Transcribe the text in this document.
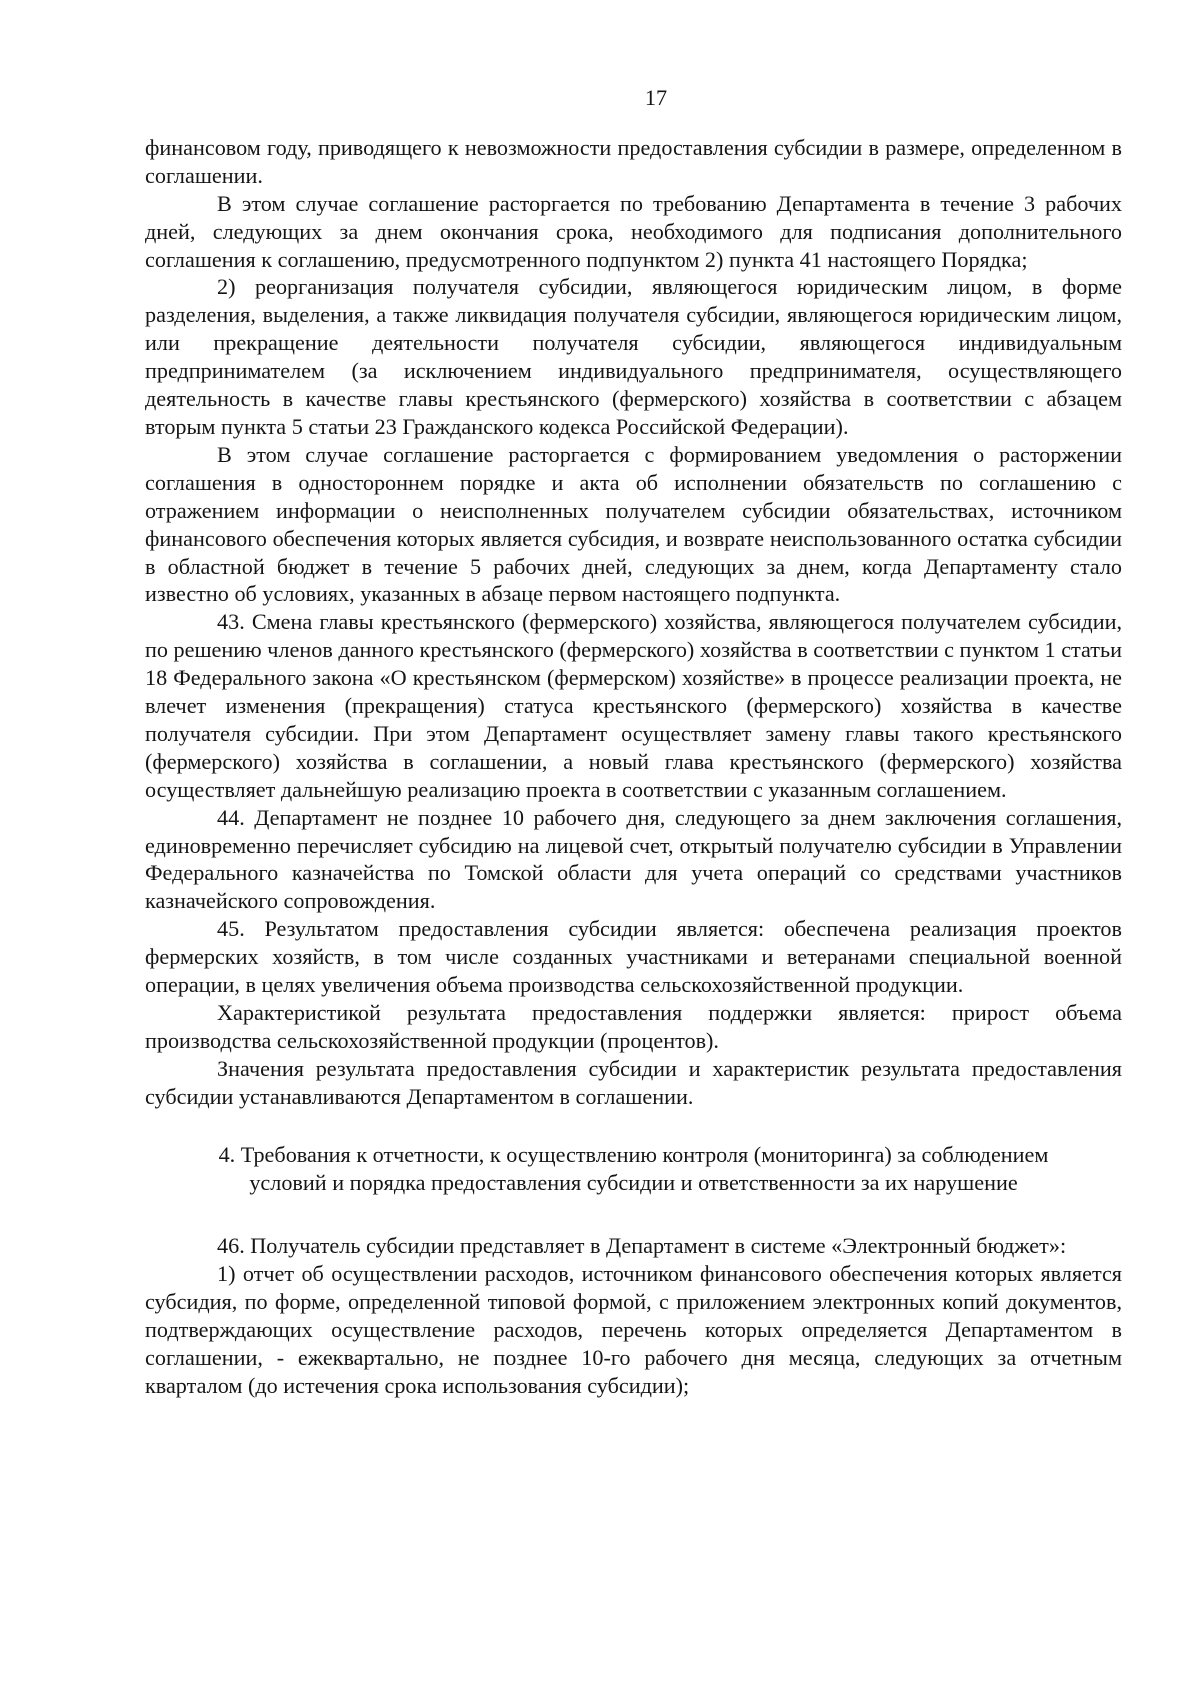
17

финансовом году, приводящего к невозможности предоставления субсидии в размере, определенном в соглашении.

В этом случае соглашение расторгается по требованию Департамента в течение 3 рабочих дней, следующих за днем окончания срока, необходимого для подписания дополнительного соглашения к соглашению, предусмотренного подпунктом 2) пункта 41 настоящего Порядка;

2) реорганизация получателя субсидии, являющегося юридическим лицом, в форме разделения, выделения, а также ликвидация получателя субсидии, являющегося юридическим лицом, или прекращение деятельности получателя субсидии, являющегося индивидуальным предпринимателем (за исключением индивидуального предпринимателя, осуществляющего деятельность в качестве главы крестьянского (фермерского) хозяйства в соответствии с абзацем вторым пункта 5 статьи 23 Гражданского кодекса Российской Федерации).

В этом случае соглашение расторгается с формированием уведомления о расторжении соглашения в одностороннем порядке и акта об исполнении обязательств по соглашению с отражением информации о неисполненных получателем субсидии обязательствах, источником финансового обеспечения которых является субсидия, и возврате неиспользованного остатка субсидии в областной бюджет в течение 5 рабочих дней, следующих за днем, когда Департаменту стало известно об условиях, указанных в абзаце первом настоящего подпункта.

43. Смена главы крестьянского (фермерского) хозяйства, являющегося получателем субсидии, по решению членов данного крестьянского (фермерского) хозяйства в соответствии с пунктом 1 статьи 18 Федерального закона «О крестьянском (фермерском) хозяйстве» в процессе реализации проекта, не влечет изменения (прекращения) статуса крестьянского (фермерского) хозяйства в качестве получателя субсидии. При этом Департамент осуществляет замену главы такого крестьянского (фермерского) хозяйства в соглашении, а новый глава крестьянского (фермерского) хозяйства осуществляет дальнейшую реализацию проекта в соответствии с указанным соглашением.

44. Департамент не позднее 10 рабочего дня, следующего за днем заключения соглашения, единовременно перечисляет субсидию на лицевой счет, открытый получателю субсидии в Управлении Федерального казначейства по Томской области для учета операций со средствами участников казначейского сопровождения.

45. Результатом предоставления субсидии является: обеспечена реализация проектов фермерских хозяйств, в том числе созданных участниками и ветеранами специальной военной операции, в целях увеличения объема производства сельскохозяйственной продукции.

Характеристикой результата предоставления поддержки является: прирост объема производства сельскохозяйственной продукции (процентов).

Значения результата предоставления субсидии и характеристик результата предоставления субсидии устанавливаются Департаментом в соглашении.

4. Требования к отчетности, к осуществлению контроля (мониторинга) за соблюдением условий и порядка предоставления субсидии и ответственности за их нарушение

46. Получатель субсидии представляет в Департамент в системе «Электронный бюджет»:

1) отчет об осуществлении расходов, источником финансового обеспечения которых является субсидия, по форме, определенной типовой формой, с приложением электронных копий документов, подтверждающих осуществление расходов, перечень которых определяется Департаментом в соглашении, - ежеквартально, не позднее 10-го рабочего дня месяца, следующих за отчетным кварталом (до истечения срока использования субсидии);
